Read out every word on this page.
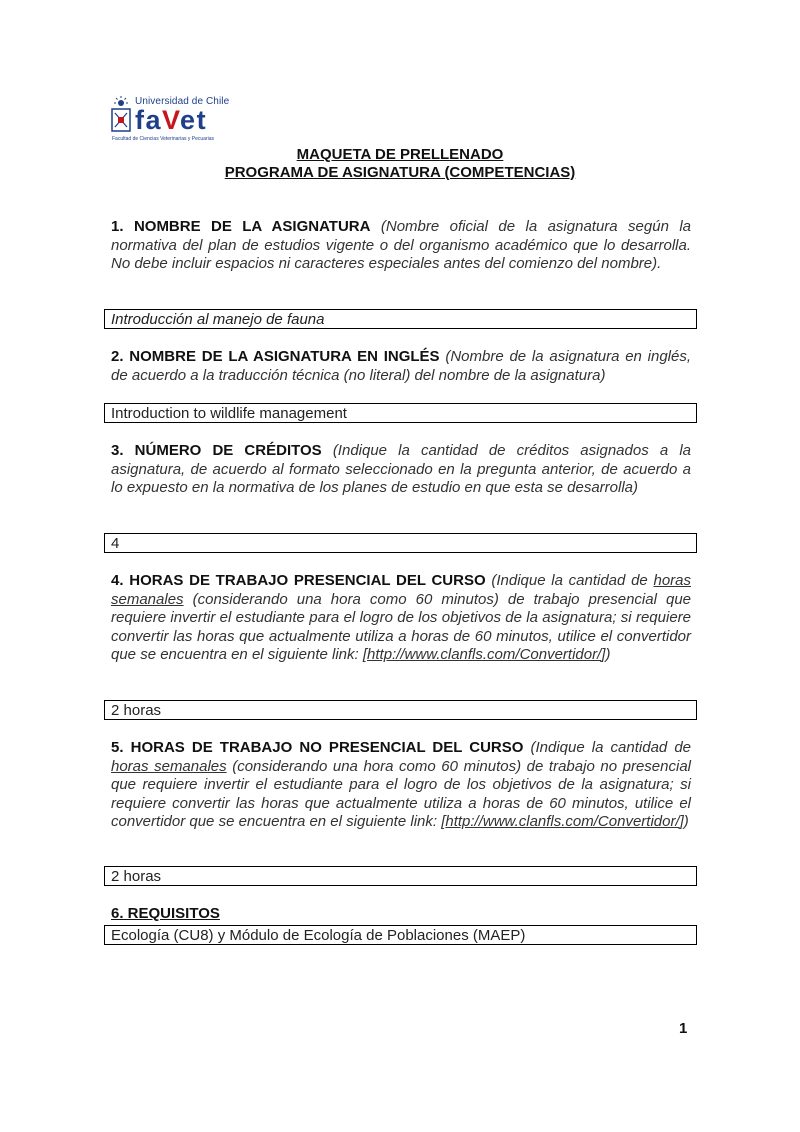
Universidad de Chile
faVet
Facultad de Ciencias Veterinarias y Pecuarias
MAQUETA DE PRELLENADO
PROGRAMA DE ASIGNATURA (COMPETENCIAS)
1. NOMBRE DE LA ASIGNATURA (Nombre oficial de la asignatura según la normativa del plan de estudios vigente o del organismo académico que lo desarrolla. No debe incluir espacios ni caracteres especiales antes del comienzo del nombre).
Introducción al manejo de fauna
2. NOMBRE DE LA ASIGNATURA EN INGLÉS (Nombre de la asignatura en inglés, de acuerdo a la traducción técnica (no literal) del nombre de la asignatura)
Introduction to wildlife management
3. NÚMERO DE CRÉDITOS (Indique la cantidad de créditos asignados a la asignatura, de acuerdo al formato seleccionado en la pregunta anterior, de acuerdo a lo expuesto en la normativa de los planes de estudio en que esta se desarrolla)
4
4. HORAS DE TRABAJO PRESENCIAL DEL CURSO (Indique la cantidad de horas semanales (considerando una hora como 60 minutos) de trabajo presencial que requiere invertir el estudiante para el logro de los objetivos de la asignatura; si requiere convertir las horas que actualmente utiliza a horas de 60 minutos, utilice el convertidor que se encuentra en el siguiente link: [http://www.clanfls.com/Convertidor/])
2 horas
5. HORAS DE TRABAJO NO PRESENCIAL DEL CURSO (Indique la cantidad de horas semanales (considerando una hora como 60 minutos) de trabajo no presencial que requiere invertir el estudiante para el logro de los objetivos de la asignatura; si requiere convertir las horas que actualmente utiliza a horas de 60 minutos, utilice el convertidor que se encuentra en el siguiente link: [http://www.clanfls.com/Convertidor/])
2 horas
6. REQUISITOS
Ecología (CU8) y Módulo de Ecología de Poblaciones (MAEP)
1
